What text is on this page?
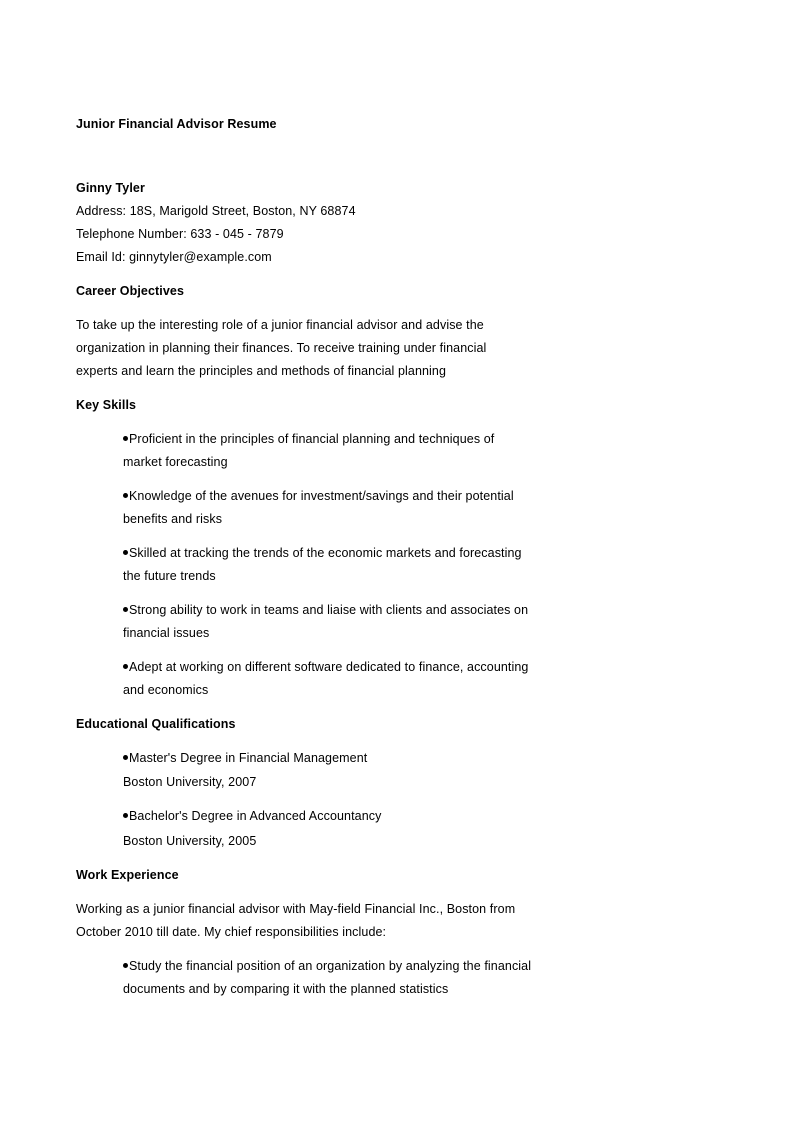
Junior Financial Advisor Resume
Ginny Tyler
Address: 18S, Marigold Street, Boston, NY 68874
Telephone Number: 633 - 045 - 7879
Email Id: ginnytyler@example.com
Career Objectives
To take up the interesting role of a junior financial advisor and advise the
organization in planning their finances. To receive training under financial
experts and learn the principles and methods of financial planning
Key Skills
Proficient in the principles of financial planning and techniques of
market forecasting
Knowledge of the avenues for investment/savings and their potential
benefits and risks
Skilled at tracking the trends of the economic markets and forecasting
the future trends
Strong ability to work in teams and liaise with clients and associates on
financial issues
Adept at working on different software dedicated to finance, accounting
and economics
Educational Qualifications
Master's Degree in Financial Management
Boston University, 2007
Bachelor's Degree in Advanced Accountancy
Boston University, 2005
Work Experience
Working as a junior financial advisor with May-field Financial Inc., Boston from
October 2010 till date. My chief responsibilities include:
Study the financial position of an organization by analyzing the financial
documents and by comparing it with the planned statistics
